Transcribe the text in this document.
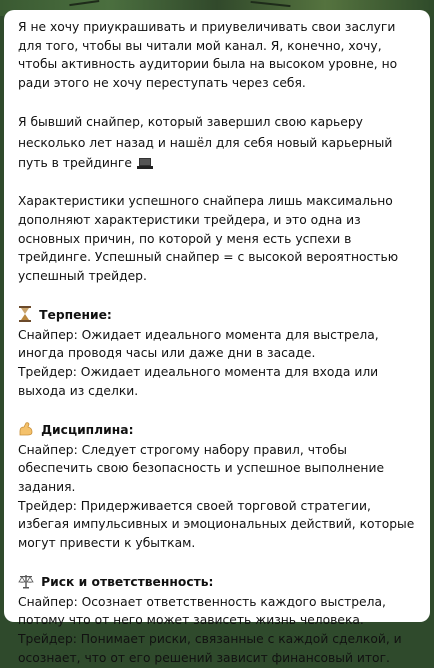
Я не хочу приукрашивать и приувеличивать свои заслуги для того, чтобы вы читали мой канал. Я, конечно, хочу, чтобы активность аудитории была на высоком уровне, но ради этого не хочу переступать через себя.

Я бывший снайпер, который завершил свою карьеру несколько лет назад и нашёл для себя новый карьерный путь в трейдинге

Характеристики успешного снайпера лишь максимально дополняют характеристики трейдера, и это одна из основных причин, по которой у меня есть успехи в трейдинге. Успешный снайпер = с высокой вероятностью успешный трейдер.

Терпение:
Снайпер: Ожидает идеального момента для выстрела, иногда проводя часы или даже дни в засаде.
Трейдер: Ожидает идеального момента для входа или выхода из сделки.
Дисциплина:
Снайпер: Следует строгому набору правил, чтобы обеспечить свою безопасность и успешное выполнение задания.
Трейдер: Придерживается своей торговой стратегии, избегая импульсивных и эмоциональных действий, которые могут привести к убыткам.
Риск и ответственность:
Снайпер: Осознает ответственность каждого выстрела, потому что от него может зависеть жизнь человека.
Трейдер: Понимает риски, связанные с каждой сделкой, и осознает, что от его решений зависит финансовый итог.
